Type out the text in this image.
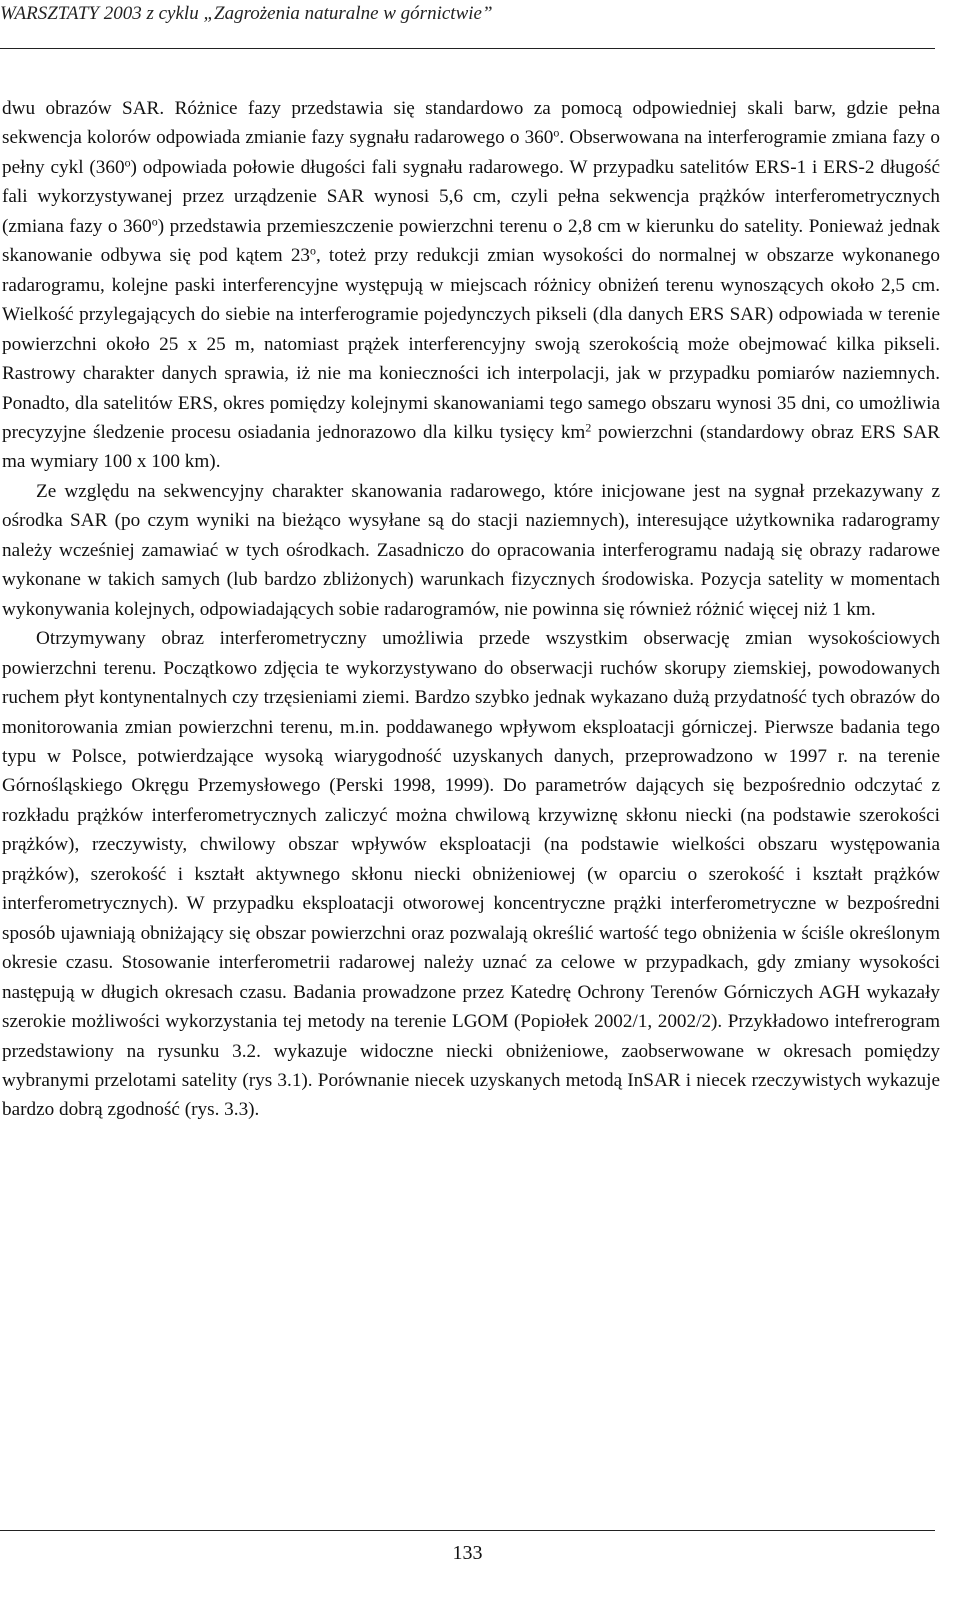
WARSZTATY 2003 z cyklu „Zagrożenia naturalne w górnictwie”

dwu obrazów SAR. Różnice fazy przedstawia się standardowo za pomocą odpowiedniej skali barw, gdzie pełna sekwencja kolorów odpowiada zmianie fazy sygnału radarowego o 360$^o$. Obserwowana na interferogramie zmiana fazy o pełny cykl (360$^o$) odpowiada połowie długości fali sygnału radarowego. W przypadku satelitów ERS-1 i ERS-2 długość fali wykorzystywanej przez urządzenie SAR wynosi 5,6 cm, czyli pełna sekwencja prążków interferometrycznych (zmiana fazy o 360$^o$) przedstawia przemieszczenie powierzchni terenu o 2,8 cm w kierunku do satelity. Ponieważ jednak skanowanie odbywa się pod kątem 23$^o$, toteż przy redukcji zmian wysokości do normalnej w obszarze wykonanego radarogramu, kolejne paski interferencyjne występują w miejscach różnicy obniżeń terenu wynoszących około 2,5 cm. Wielkość przylegających do siebie na interferogramie pojedynczych pikseli (dla danych ERS SAR) odpowiada w terenie powierzchni około 25 x 25 m, natomiast prążek interferencyjny swoją szerokością może obejmować kilka pikseli. Rastrowy charakter danych sprawia, iż nie ma konieczności ich interpolacji, jak w przypadku pomiarów naziemnych. Ponadto, dla satelitów ERS, okres pomiędzy kolejnymi skanowaniami tego samego obszaru wynosi 35 dni, co umożliwia precyzyjne śledzenie procesu osiadania jednorazowo dla kilku tysięcy $km^2$ powierzchni (standardowy obraz ERS SAR ma wymiary 100 x 100 km).

Ze względu na sekwencyjny charakter skanowania radarowego, które inicjowane jest na sygnał przekazywany z ośrodka SAR (po czym wyniki na bieżąco wysyłane są do stacji naziemnych), interesujące użytkownika radarogramy należy wcześniej zamawiać w tych ośrodkach. Zasadniczo do opracowania interferogramu nadają się obrazy radarowe wykonane w takich samych (lub bardzo zbliżonych) warunkach fizycznych środowiska. Pozycja satelity w momentach wykonywania kolejnych, odpowiadających sobie radarogramów, nie powinna się również różnić więcej niż 1 km.

Otrzymywany obraz interferometryczny umożliwia przede wszystkim obserwację zmian wysokościowych powierzchni terenu. Początkowo zdjęcia te wykorzystywano do obserwacji ruchów skorupy ziemskiej, powodowanych ruchem płyt kontynentalnych czy trzęsieniami ziemi. Bardzo szybko jednak wykazano dużą przydatność tych obrazów do monitorowania zmian powierzchni terenu, m.in. poddawanego wpływom eksploatacji górniczej. Pierwsze badania tego typu w Polsce, potwierdzające wysoką wiarygodność uzyskanych danych, przeprowadzono w 1997 r. na terenie Górnośląskiego Okręgu Przemysłowego (Perski 1998, 1999). Do parametrów dających się bezpośrednio odczytać z rozkładu prążków interferometrycznych zaliczyć można chwilową krzywiznę skłonu niecki (na podstawie szerokości prążków), rzeczywisty, chwilowy obszar wpływów eksploatacji (na podstawie wielkości obszaru występowania prążków), szerokość i kształt aktywnego skłonu niecki obniżeniowej (w oparciu o szerokość i kształt prążków interferometrycznych). W przypadku eksploatacji otworowej koncentryczne prążki interferometryczne w bezpośredni sposób ujawniają obniżający się obszar powierzchni oraz pozwalają określić wartość tego obniżenia w ściśle określonym okresie czasu. Stosowanie interferometrii radarowej należy uznać za celowe w przypadkach, gdy zmiany wysokości następują w długich okresach czasu. Badania prowadzone przez Katedrę Ochrony Terenów Górniczych AGH wykazały szerokie możliwości wykorzystania tej metody na terenie LGOM (Popiołek 2002/1, 2002/2). Przykładowo intefrerogram przedstawiony na rysunku 3.2. wykazuje widoczne niecki obniżeniowe, zaobserwowane w okresach pomiędzy wybranymi przelotami satelity (rys 3.1). Porównanie niecek uzyskanych metodą InSAR i niecek rzeczywistych wykazuje bardzo dobrą zgodność (rys. 3.3).

133
